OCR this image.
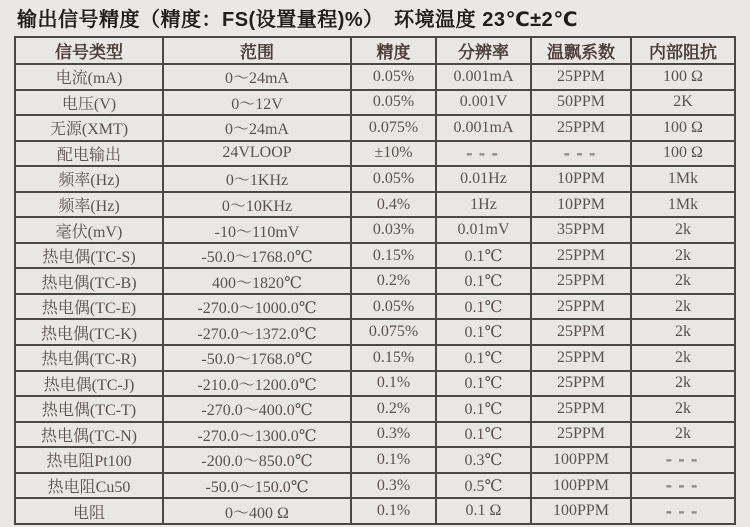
输出信号精度（精度：FS(设置量程)%）　环境温度 23℃±2℃
信号类型	范围	精度	分辨率	温飘系数	内部阻抗
电流(mA)	0～24mA	0.05%	0.001mA	25PPM	100 Ω
电压(V)	0～12V	0.05%	0.001V	50PPM	2K
无源(XMT)	0～24mA	0.075%	0.001mA	25PPM	100 Ω
配电输出	24VLOOP	±10%	---	---	100 Ω
频率(Hz)	0～1KHz	0.05%	0.01Hz	10PPM	1Mk
频率(Hz)	0～10KHz	0.4%	1Hz	10PPM	1Mk
毫伏(mV)	-10～110mV	0.03%	0.01mV	35PPM	2k
热电偶(TC-S)	-50.0～1768.0℃	0.15%	0.1℃	25PPM	2k
热电偶(TC-B)	400～1820℃	0.2%	0.1℃	25PPM	2k
热电偶(TC-E)	-270.0～1000.0℃	0.05%	0.1℃	25PPM	2k
热电偶(TC-K)	-270.0～1372.0℃	0.075%	0.1℃	25PPM	2k
热电偶(TC-R)	-50.0～1768.0℃	0.15%	0.1℃	25PPM	2k
热电偶(TC-J)	-210.0～1200.0℃	0.1%	0.1℃	25PPM	2k
热电偶(TC-T)	-270.0～400.0℃	0.2%	0.1℃	25PPM	2k
热电偶(TC-N)	-270.0～1300.0℃	0.3%	0.1℃	25PPM	2k
热电阻Pt100	-200.0～850.0℃	0.1%	0.3℃	100PPM	---
热电阻Cu50	-50.0～150.0℃	0.3%	0.5℃	100PPM	---
电阻	0～400 Ω	0.1%	0.1 Ω	100PPM	---
